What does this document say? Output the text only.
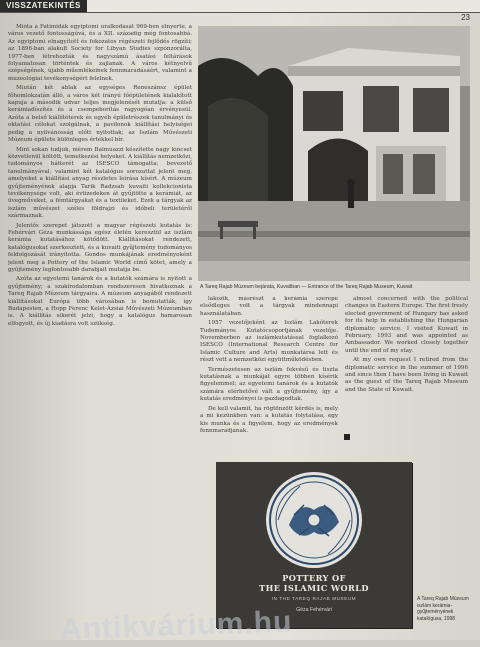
VISSZATEKINTÉS
23

Mióta a Fatimidák egyiptomi uralkodását 969-ben elnyerte, a város vezető fontosságúvá, és a XII. századig még fontosabbá. Az egyiptomi elnagyított és fokozatos régészeti fejlődés rögzíti; az 1896-ban alakult Society for Libyan Studies szponzorálta, 1977-ben létrehozták és nagyszámú ásatási feltárások folyamatosan történtek és zajlanak. A város kétnyelvű szépségének, újabb műemlékeinek fennmaradásáért, valamint a muzeológiai tevékenységért felelnek.

Miután két ablak az egységes Reneszánsz épület főhomlokzatán álló, a város két irányú főépületének kialakított kapuja a második udvar teljes megjelenését mutatja: a külső kerámiadíszítés és a csempeborítás ragyogóan érvényesül. Azóta a belső kiállítóterek és egyéb épületrészek tanulmányi és oktatási célokat szolgálnak, a pavilonok kiállítási helyiségei pedig a nyilvánosság előtt nyitottak; az Iszlám Művészeti Múzeum épülete különleges értékkel bír.

Mint sokan tudjuk, mérem Balmuazzi készítette nagy kincset közvetlenül költött, temetkezési helyeket. A kiállítás nemzetközi, tudományos hátterét az ISESCO támogatta; bevezető tanulmányával, valamint két katalógus sorozattal jelent meg, amelyeket a kiállítási anyag részletes leírása kísért. A múzeum gyűjteményének alapja Tarik Radzsab kuvaiti kollekcionista tevékenysége volt, aki évtizedeken át gyűjtötte a kerámiát, az üvegműveket, a fémtárgyakat és a textileket. Ezek a tárgyak az iszlám művészet széles földrajzi és időbeli területéről származnak.

Jelentős szerepet játszott a magyar régészeti kutatás is: Fehérvári Géza munkássága egész életén keresztül az iszlám kerámia kutatásához kötődött. Kiállításokat rendezett, katalógusokat szerkesztett, és a kuvaiti gyűjtemény tudományos feldolgozását irányította. Gondos munkájának eredményeként jelent meg a Pottery of the Islamic World című kötet, amely a gyűjtemény legfontosabb darabjait mutatja be.

Azóta az egyetemi tanárok és a kutatók számára is nyitott a gyűjtemény; a szakirodalomban rendszeresen hivatkoznak a Tareq Rajab Múzeum tárgyaira. A múzeum anyagából rendezett kiállításokat Európa több városában is bemutatták, így Budapesten, a Hopp Ferenc Kelet-Ázsiai Művészeti Múzeumban is. A kiállítás sikerét jelzi, hogy a katalógus hamarosan elfogyott, és új kiadásra volt szükség.

A Tareq Rajab Múzeum bejárata, Kuvaitban — Entrance of the Tareq Rajab Museum, Kuwait

lakozik, másrészt a kerámia szerepe elsődleges volt a tárgyak mindennapi használatában.

1957 vezetőjeként az Iszlám Lakóterek Tudományos Kutatócsoportjának vezetője. Novemberben az iszlámkutatással foglalkozó ISESCO (International Research Centre for Islamic Culture and Arts) munkatársa lett és részt vett a nemzetközi együttműködésben.

Természetesen az iszlám fekvésű és tiszta kutatásnak a munkáját egyre többen kísérik figyelemmel; az egyetemi tanárok és a kutatók számára elérhetővé vált a gyűjtemény, így a kutatás eredményei is gazdagodtak.

De kell valamit, ha rögtönzött kérdés is, mely a mi kezünkben van: a kutatás folytatása, egy kis munka és a figyelem, hogy az eredmények fennmaradjanak.

almost concerned with the political changes in Eastern Europe. The first freely elected government of Hungary has asked for its help in establishing the Hungarian diplomatic service. I visited Kuwait in February, 1993 and was appointed as Ambassador. We worked closely together until the end of my stay.

At my own request I retired from the diplomatic service in the summer of 1996 and since then I have been living in Kuwait as the guest of the Tareq Rajab Museum and the State of Kuwait.

POTTERY OF
THE ISLAMIC WORLD
IN THE TAREQ RAJAB MUSEUM
Géza Fehérvári
A Tareq Rajab Múzeum iszlám kerámia-gyűjteményének katalógusa, 1998
Antikvárium.hu
